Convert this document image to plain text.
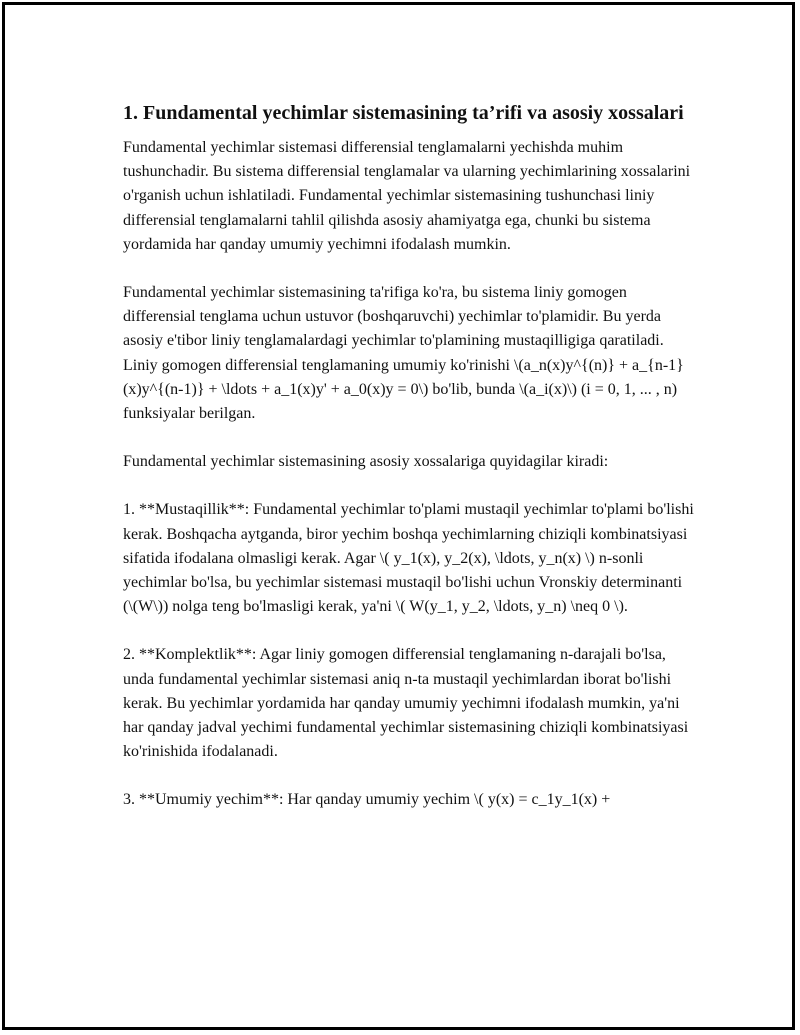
1. Fundamental yechimlar sistemasining ta’rifi va asosiy xossalari

Fundamental yechimlar sistemasi differensial tenglamalarni yechishda muhim tushunchadir. Bu sistema differensial tenglamalar va ularning yechimlarining xossalarini o'rganish uchun ishlatiladi. Fundamental yechimlar sistemasining tushunchasi liniy differensial tenglamalarni tahlil qilishda asosiy ahamiyatga ega, chunki bu sistema yordamida har qanday umumiy yechimni ifodalash mumkin.

Fundamental yechimlar sistemasining ta'rifiga ko'ra, bu sistema liniy gomogen differensial tenglama uchun ustuvor (boshqaruvchi) yechimlar to'plamidir. Bu yerda asosiy e'tibor liniy tenglamalardagi yechimlar to'plamining mustaqilligiga qaratiladi. Liniy gomogen differensial tenglamaning umumiy ko'rinishi \(a_n(x)y^{(n)} + a_{n-1}(x)y^{(n-1)} + \ldots + a_1(x)y' + a_0(x)y = 0\) bo'lib, bunda \(a_i(x)\) (i = 0, 1, ... , n) funksiyalar berilgan.

Fundamental yechimlar sistemasining asosiy xossalariga quyidagilar kiradi:

1. **Mustaqillik**: Fundamental yechimlar to'plami mustaqil yechimlar to'plami bo'lishi kerak. Boshqacha aytganda, biror yechim boshqa yechimlarning chiziqli kombinatsiyasi sifatida ifodalana olmasligi kerak. Agar \( y_1(x), y_2(x), \ldots, y_n(x) \) n-sonli yechimlar bo'lsa, bu yechimlar sistemasi mustaqil bo'lishi uchun Vronskiy determinanti (\(W\)) nolga teng bo'lmasligi kerak, ya'ni \( W(y_1, y_2, \ldots, y_n) \neq 0 \).

2. **Komplektlik**: Agar liniy gomogen differensial tenglamaning n-darajali bo'lsa, unda fundamental yechimlar sistemasi aniq n-ta mustaqil yechimlardan iborat bo'lishi kerak. Bu yechimlar yordamida har qanday umumiy yechimni ifodalash mumkin, ya'ni har qanday jadval yechimi fundamental yechimlar sistemasining chiziqli kombinatsiyasi ko'rinishida ifodalanadi.

3. **Umumiy yechim**: Har qanday umumiy yechim \( y(x) = c_1y_1(x) +
